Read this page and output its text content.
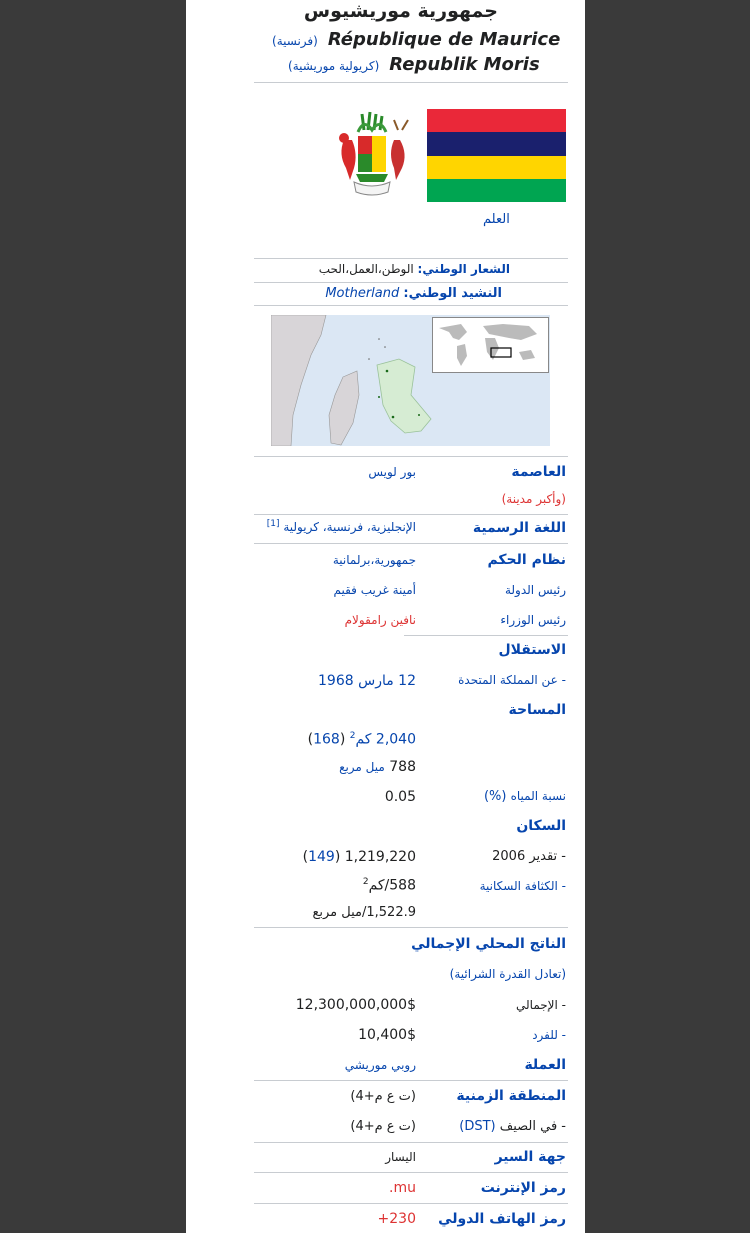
جمهورية موريشيوس
(فرنسية) République de Maurice
(كريولية موريشية) Republik Moris
العلم
الشعار الوطني: الوطن،العمل،الحب
النشيد الوطني: Motherland
العاصمة
بور لويس
(وأكبر مدينة)
اللغة الرسمية
الإنجليزية، فرنسية، كريولية [1]
نظام الحكم
جمهورية،برلمانية
رئيس الدولة
أمينة غريب فقيم
رئيس الوزراء
نافين رامقولام
الاستقلال
- عن المملكة المتحدة
12 مارس 1968
المساحة
2,040 كم$^2$ (168)
788 ميل مربع
نسبة المياه (%)
0.05
السكان
- تقدير 2006
1,219,220 (149)
- الكثافة السكانية
588/كم$^2$
1,522.9/ميل مربع
الناتج المحلي الإجمالي
(تعادل القدرة الشرائية)
- الإجمالي
12,300,000,000$
- للفرد
10,400$
العملة
روبي موريشي
المنطقة الزمنية
(ت ع م+4)
- في الصيف (DST)
(ت ع م+4)
جهة السير
اليسار
رمز الإنترنت
.mu
رمز الهاتف الدولي
+230
